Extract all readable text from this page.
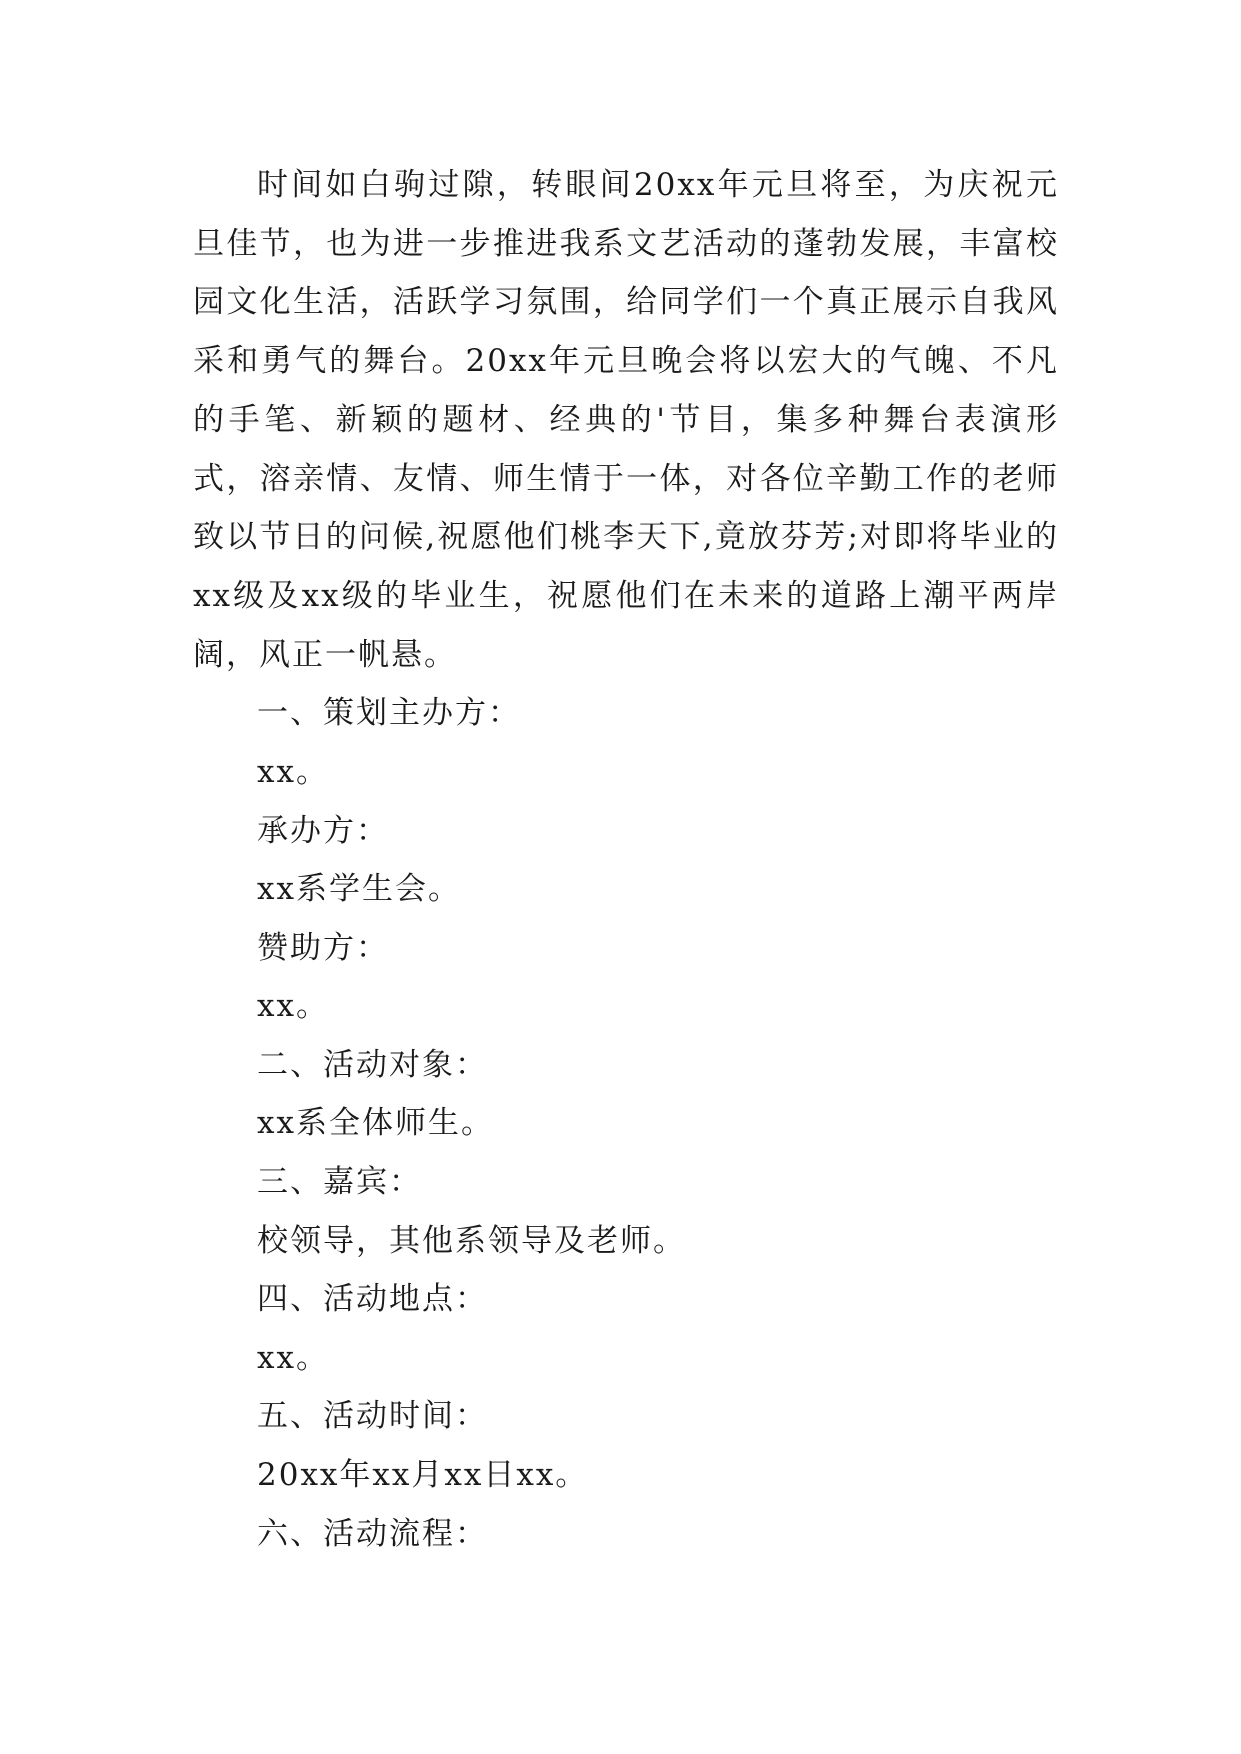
时间如白驹过隙，转眼间20xx年元旦将至，为庆祝元旦佳节，也为进一步推进我系文艺活动的蓬勃发展，丰富校园文化生活，活跃学习氛围，给同学们一个真正展示自我风采和勇气的舞台。20xx年元旦晚会将以宏大的气魄、不凡的手笔、新颖的题材、经典的'节目，集多种舞台表演形式，溶亲情、友情、师生情于一体，对各位辛勤工作的老师致以节日的问候,祝愿他们桃李天下,竟放芬芳;对即将毕业的xx级及xx级的毕业生，祝愿他们在未来的道路上潮平两岸阔，风正一帆悬。

一、策划主办方：

xx。

承办方：

xx系学生会。

赞助方：

xx。

二、活动对象：

xx系全体师生。

三、嘉宾：

校领导，其他系领导及老师。

四、活动地点：

xx。

五、活动时间：

20xx年xx月xx日xx。

六、活动流程：
